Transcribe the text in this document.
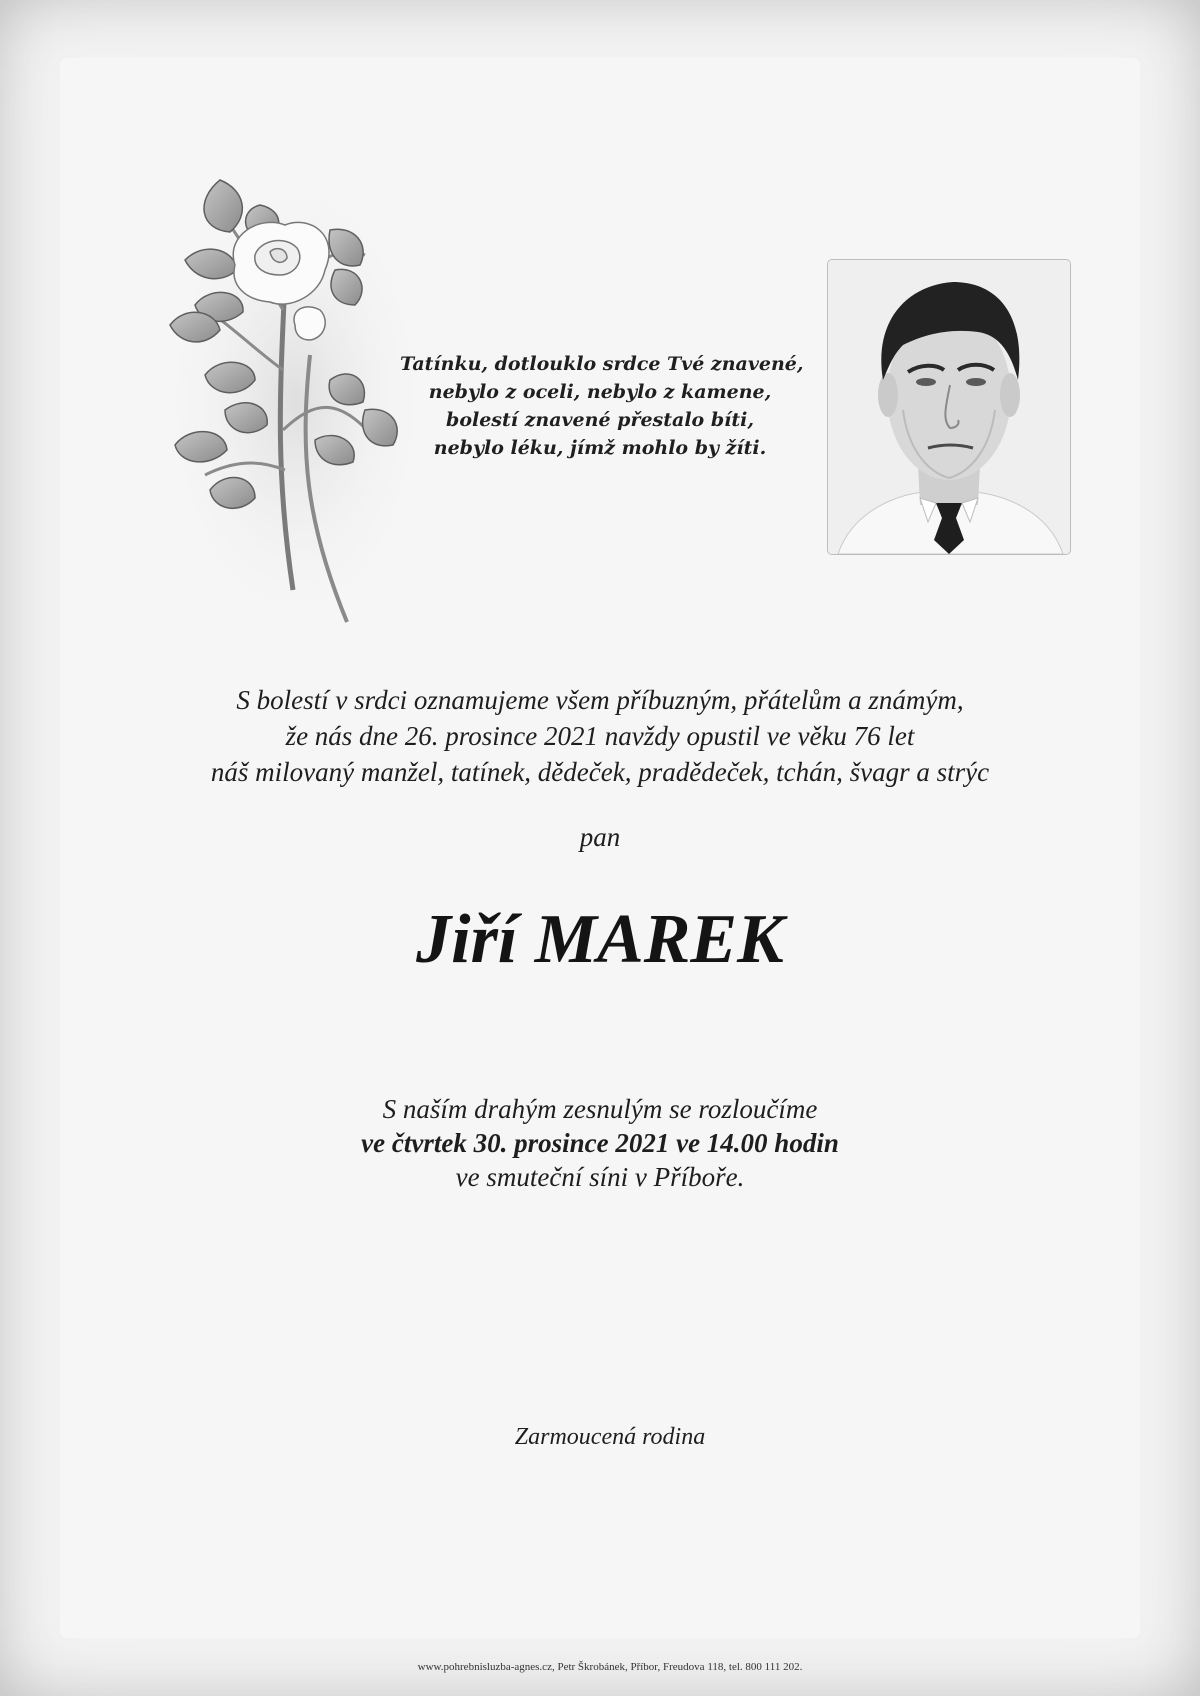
Tatínku, dotlouklo srdce Tvé znavené,
nebylo z oceli, nebylo z kamene,
bolestí znavené přestalo bíti,
nebylo léku, jímž mohlo by žíti.
S bolestí v srdci oznamujeme všem příbuzným, přátelům a známým,
že nás dne 26. prosince 2021 navždy opustil ve věku 76 let
náš milovaný manžel, tatínek, dědeček, pradědeček, tchán, švagr a strýc
pan
Jiří MAREK
S naším drahým zesnulým se rozloučíme
ve čtvrtek 30. prosince 2021 ve 14.00 hodin
ve smuteční síni v Příboře.
Zarmoucená rodina
www.pohrebnisluzba-agnes.cz, Petr Škrobánek, Příbor, Freudova 118, tel. 800 111 202.
